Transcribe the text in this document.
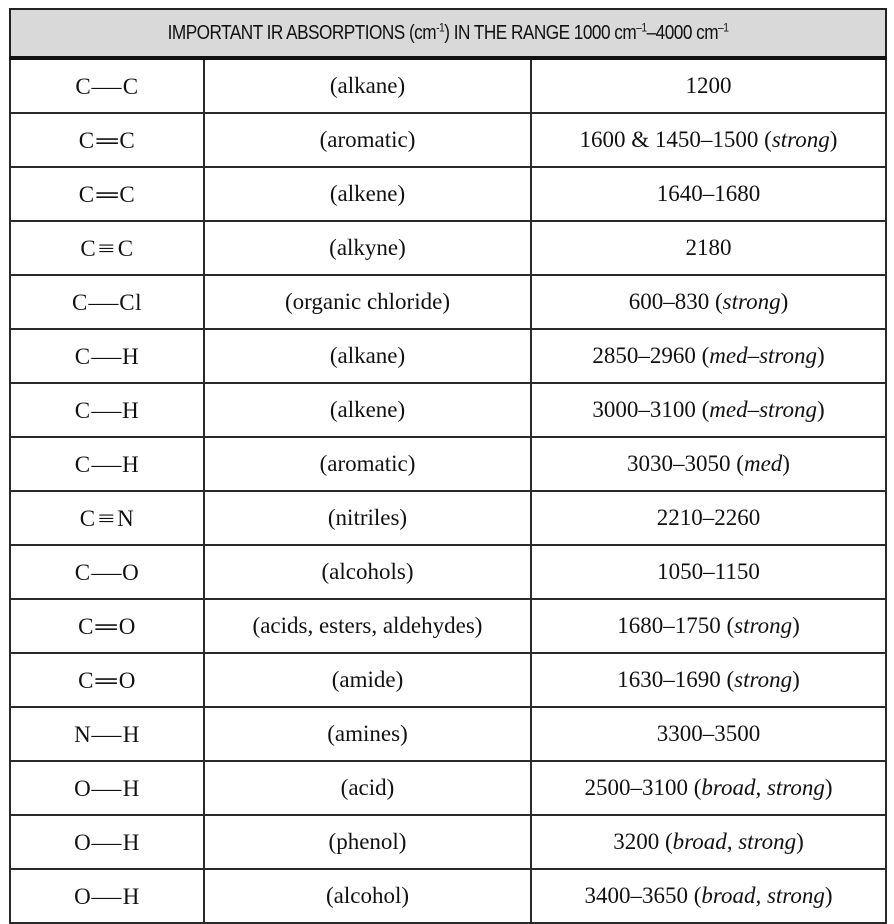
IMPORTANT IR ABSORPTIONS $(cm^{-1})$ IN THE RANGE 1000 $cm^{-1}-4000$ $cm^{-1}$
C—C	(alkane)	1200
C═C	(aromatic)	1600 & 1450–1500 (strong)
C═C	(alkene)	1640–1680
C≡C	(alkyne)	2180
C—Cl	(organic chloride)	600–830 (strong)
C—H	(alkane)	2850–2960 (med–strong)
C—H	(alkene)	3000–3100 (med–strong)
C—H	(aromatic)	3030–3050 (med)
C≡N	(nitriles)	2210–2260
C—O	(alcohols)	1050–1150
C═O	(acids, esters, aldehydes)	1680–1750 (strong)
C═O	(amide)	1630–1690 (strong)
N—H	(amines)	3300–3500
O—H	(acid)	2500–3100 (broad, strong)
O—H	(phenol)	3200 (broad, strong)
O—H	(alcohol)	3400–3650 (broad, strong)
